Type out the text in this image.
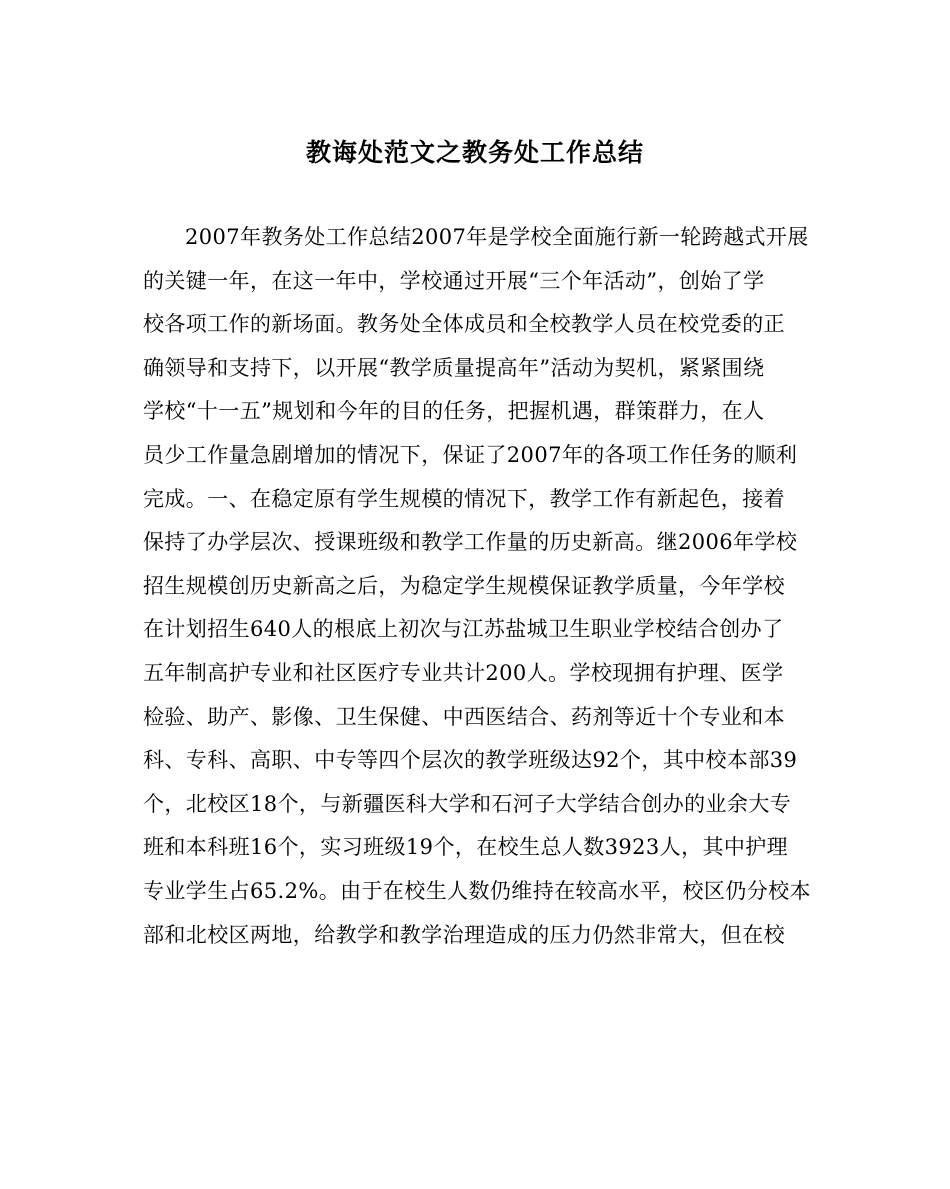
教诲处范文之教务处工作总结
2007年教务处工作总结2007年是学校全面施行新一轮跨越式开展
的关键一年，在这一年中，学校通过开展“三个年活动”，创始了学
校各项工作的新场面。教务处全体成员和全校教学人员在校党委的正
确领导和支持下，以开展“教学质量提高年”活动为契机，紧紧围绕
学校“十一五”规划和今年的目的任务，把握机遇，群策群力，在人
员少工作量急剧增加的情况下，保证了2007年的各项工作任务的顺利
完成。一、在稳定原有学生规模的情况下，教学工作有新起色，接着
保持了办学层次、授课班级和教学工作量的历史新高。继2006年学校
招生规模创历史新高之后，为稳定学生规模保证教学质量，今年学校
在计划招生640人的根底上初次与江苏盐城卫生职业学校结合创办了
五年制高护专业和社区医疗专业共计200人。学校现拥有护理、医学
检验、助产、影像、卫生保健、中西医结合、药剂等近十个专业和本
科、专科、高职、中专等四个层次的教学班级达92个，其中校本部39
个，北校区18个，与新疆医科大学和石河子大学结合创办的业余大专
班和本科班16个，实习班级19个，在校生总人数3923人，其中护理
专业学生占65.2%。由于在校生人数仍维持在较高水平，校区仍分校本
部和北校区两地，给教学和教学治理造成的压力仍然非常大，但在校
